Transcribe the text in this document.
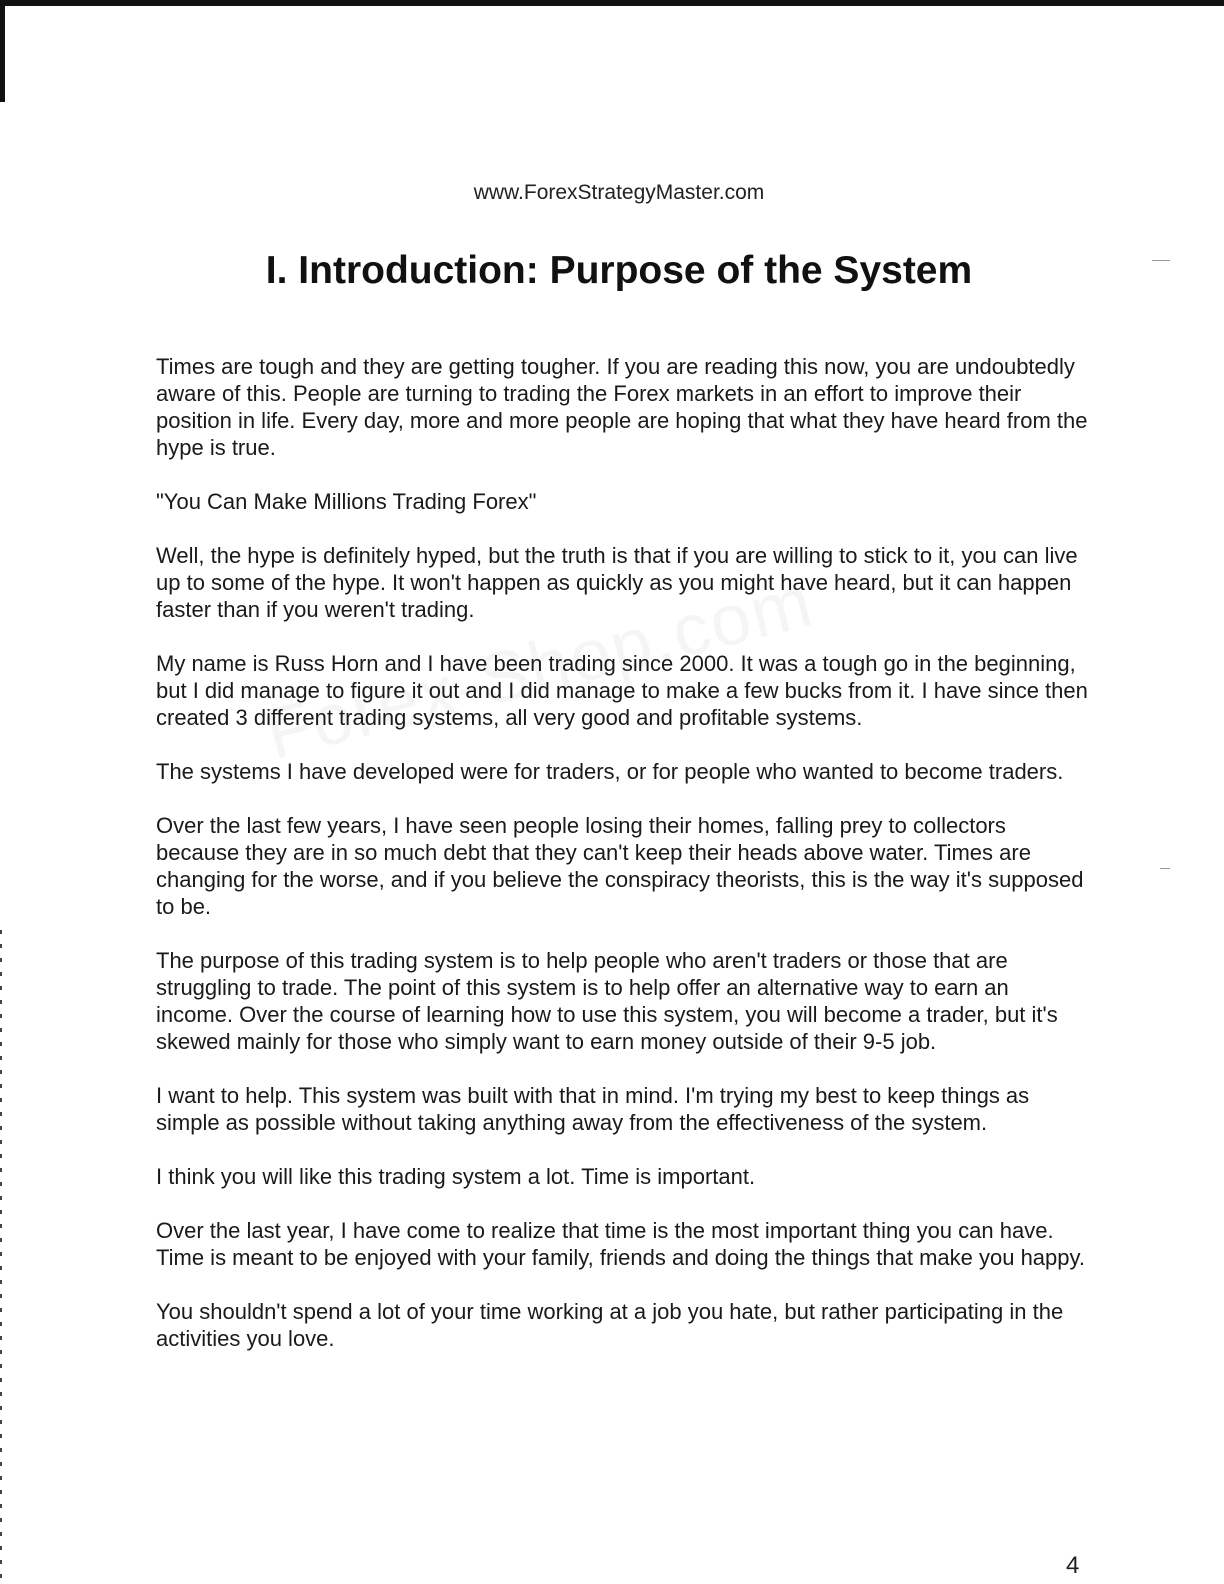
www.ForexStrategyMaster.com
I. Introduction: Purpose of the System

Times are tough and they are getting tougher. If you are reading this now, you are undoubtedly aware of this. People are turning to trading the Forex markets in an effort to improve their position in life. Every day, more and more people are hoping that what they have heard from the hype is true.

"You Can Make Millions Trading Forex"

Well, the hype is definitely hyped, but the truth is that if you are willing to stick to it, you can live up to some of the hype. It won't happen as quickly as you might have heard, but it can happen faster than if you weren't trading.

My name is Russ Horn and I have been trading since 2000. It was a tough go in the beginning, but I did manage to figure it out and I did manage to make a few bucks from it. I have since then created 3 different trading systems, all very good and profitable systems.

The systems I have developed were for traders, or for people who wanted to become traders.

Over the last few years, I have seen people losing their homes, falling prey to collectors because they are in so much debt that they can't keep their heads above water. Times are changing for the worse, and if you believe the conspiracy theorists, this is the way it's supposed to be.

The purpose of this trading system is to help people who aren't traders or those that are struggling to trade. The point of this system is to help offer an alternative way to earn an income. Over the course of learning how to use this system, you will become a trader, but it's skewed mainly for those who simply want to earn money outside of their 9-5 job.

I want to help. This system was built with that in mind. I'm trying my best to keep things as simple as possible without taking anything away from the effectiveness of the system.

I think you will like this trading system a lot. Time is important.

Over the last year, I have come to realize that time is the most important thing you can have. Time is meant to be enjoyed with your family, friends and doing the things that make you happy.

You shouldn't spend a lot of your time working at a job you hate, but rather participating in the activities you love.

4
